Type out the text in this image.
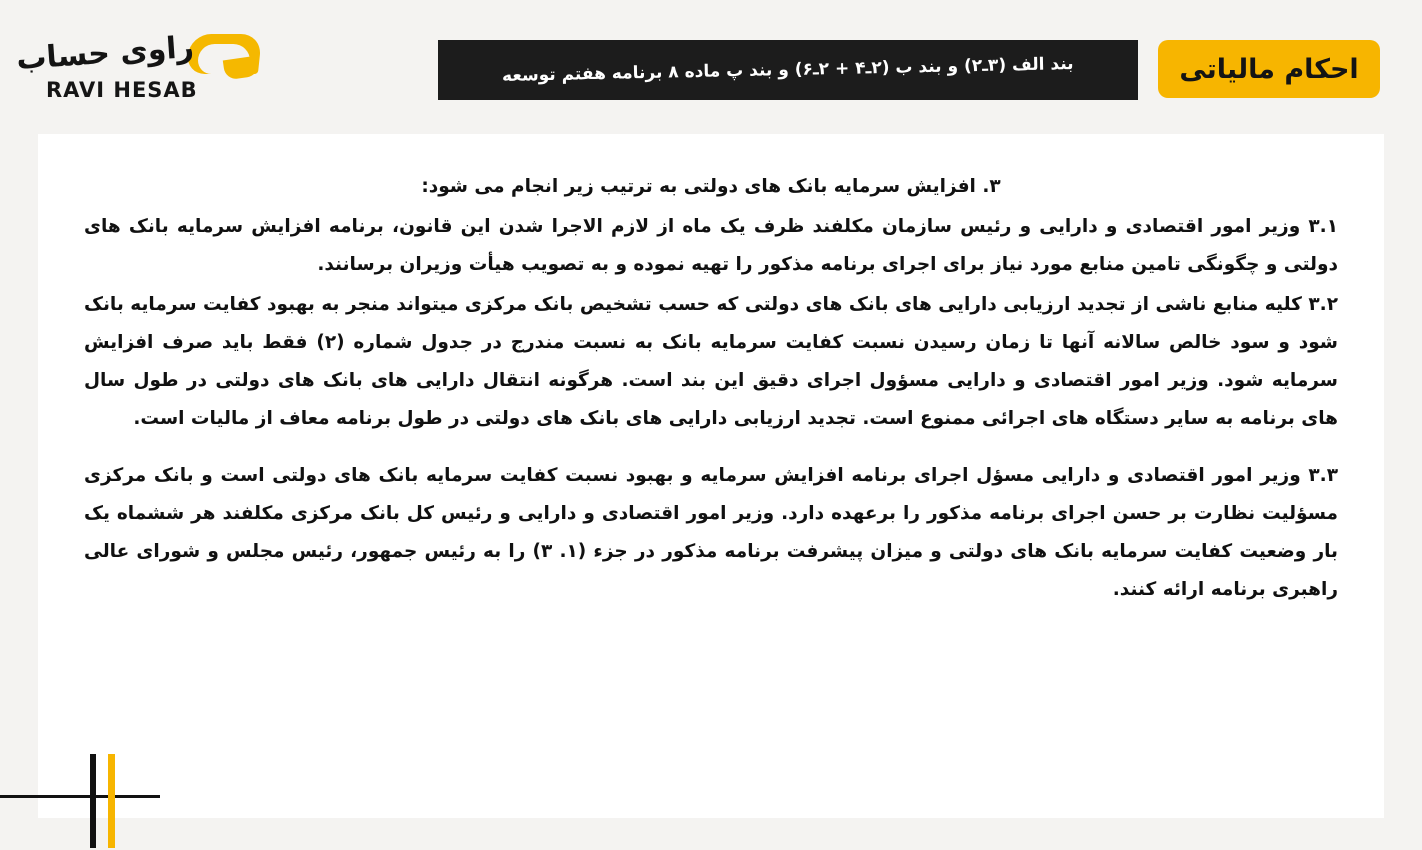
راوی حساب
RAVI HESAB
بند الف (۳ـ۲) و بند ب (۲ـ۴ + ۲ـ۶) و بند پ ماده ۸ برنامه هفتم توسعه	احکام مالیاتی

۳. افزایش سرمایه بانک های دولتی به ترتیب زیر انجام می شود:

۳.۱ وزیر امور اقتصادی و دارایی و رئیس سازمان مکلفند ظرف یک ماه از لازم الاجرا شدن این قانون، برنامه افزایش سرمایه بانک های دولتی و چگونگی تامین منابع مورد نیاز برای اجرای برنامه مذکور را تهیه نموده و به تصویب هیأت وزیران برسانند.

۳.۲ کلیه منابع ناشی از تجدید ارزیابی دارایی های بانک های دولتی که حسب تشخیص بانک مرکزی میتواند منجر به بهبود کفایت سرمایه بانک شود و سود خالص سالانه آنها تا زمان رسیدن نسبت کفایت سرمایه بانک به نسبت مندرج در جدول شماره (۲) فقط باید صرف افزایش سرمایه شود. وزیر امور اقتصادی و دارایی مسؤول اجرای دقیق این بند است. هرگونه انتقال دارایی های بانک های دولتی در طول سال های برنامه به سایر دستگاه های اجرائی ممنوع است. تجدید ارزیابی دارایی های بانک های دولتی در طول برنامه معاف از مالیات است.

۳.۳ وزیر امور اقتصادی و دارایی مسؤل اجرای برنامه افزایش سرمایه و بهبود نسبت کفایت سرمایه بانک های دولتی است و بانک مرکزی مسؤلیت نظارت بر حسن اجرای برنامه مذکور را برعهده دارد. وزیر امور اقتصادی و دارایی و رئیس کل بانک مرکزی مکلفند هر ششماه یک بار وضعیت کفایت سرمایه بانک های دولتی و میزان پیشرفت برنامه مذکور در جزء (۱. ۳) را به رئیس جمهور، رئیس مجلس و شورای عالی راهبری برنامه ارائه کنند.
